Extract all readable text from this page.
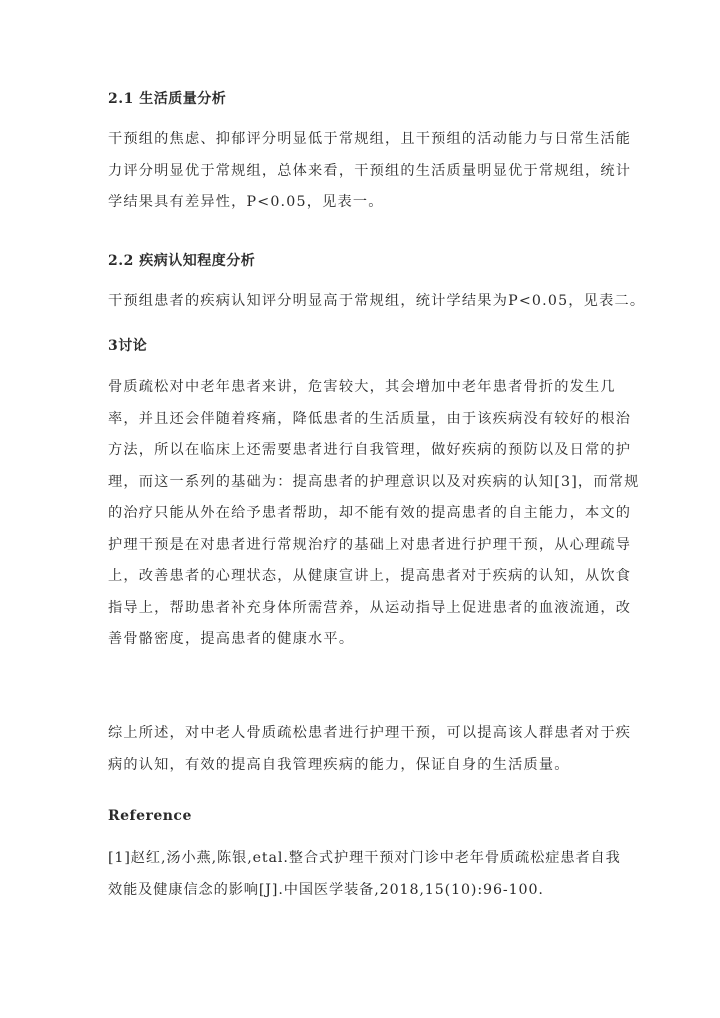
2.1 生活质量分析

干预组的焦虑、抑郁评分明显低于常规组，且干预组的活动能力与日常生活能
力评分明显优于常规组，总体来看，干预组的生活质量明显优于常规组，统计
学结果具有差异性，P<0.05，见表一。

2.2 疾病认知程度分析

干预组患者的疾病认知评分明显高于常规组，统计学结果为P<0.05，见表二。

3讨论

骨质疏松对中老年患者来讲，危害较大，其会增加中老年患者骨折的发生几
率，并且还会伴随着疼痛，降低患者的生活质量，由于该疾病没有较好的根治
方法，所以在临床上还需要患者进行自我管理，做好疾病的预防以及日常的护
理，而这一系列的基础为：提高患者的护理意识以及对疾病的认知[3]，而常规
的治疗只能从外在给予患者帮助，却不能有效的提高患者的自主能力，本文的
护理干预是在对患者进行常规治疗的基础上对患者进行护理干预，从心理疏导
上，改善患者的心理状态，从健康宣讲上，提高患者对于疾病的认知，从饮食
指导上，帮助患者补充身体所需营养，从运动指导上促进患者的血液流通，改
善骨骼密度，提高患者的健康水平。

综上所述，对中老人骨质疏松患者进行护理干预，可以提高该人群患者对于疾
病的认知，有效的提高自我管理疾病的能力，保证自身的生活质量。

Reference

[1]赵红,汤小燕,陈银,etal.整合式护理干预对门诊中老年骨质疏松症患者自我
效能及健康信念的影响[J].中国医学装备,2018,15(10):96-100.
